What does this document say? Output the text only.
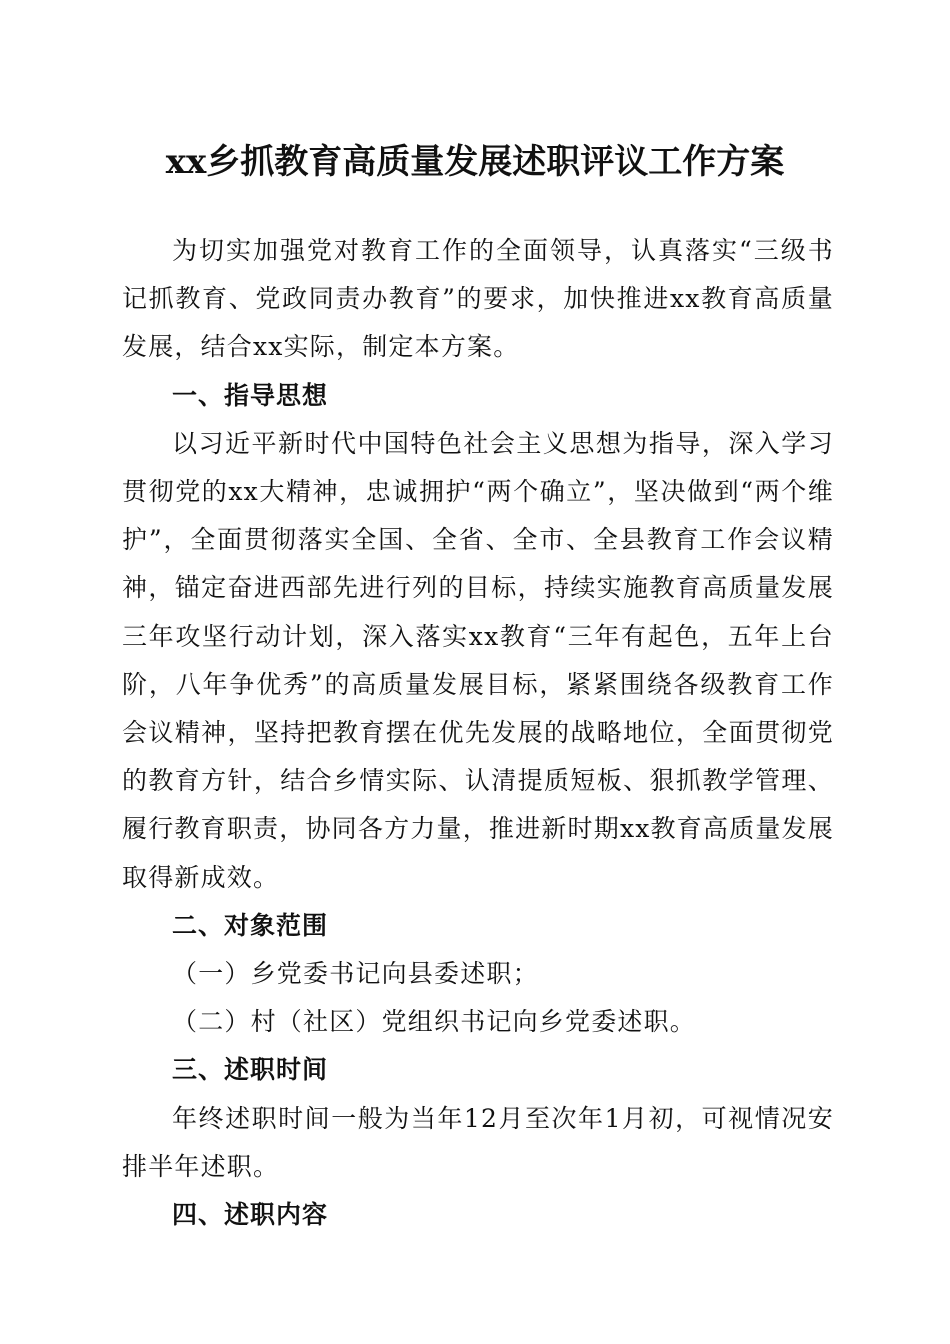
xx乡抓教育高质量发展述职评议工作方案

为切实加强党对教育工作的全面领导，认真落实“三级书记抓教育、党政同责办教育”的要求，加快推进xx教育高质量发展，结合xx实际，制定本方案。

一、指导思想

以习近平新时代中国特色社会主义思想为指导，深入学习贯彻党的xx大精神，忠诚拥护“两个确立”，坚决做到“两个维护”，全面贯彻落实全国、全省、全市、全县教育工作会议精神，锚定奋进西部先进行列的目标，持续实施教育高质量发展三年攻坚行动计划，深入落实xx教育“三年有起色，五年上台阶，八年争优秀”的高质量发展目标，紧紧围绕各级教育工作会议精神，坚持把教育摆在优先发展的战略地位，全面贯彻党的教育方针，结合乡情实际、认清提质短板、狠抓教学管理、履行教育职责，协同各方力量，推进新时期xx教育高质量发展取得新成效。

二、对象范围

（一）乡党委书记向县委述职；

（二）村（社区）党组织书记向乡党委述职。

三、述职时间

年终述职时间一般为当年12月至次年1月初，可视情况安排半年述职。

四、述职内容
